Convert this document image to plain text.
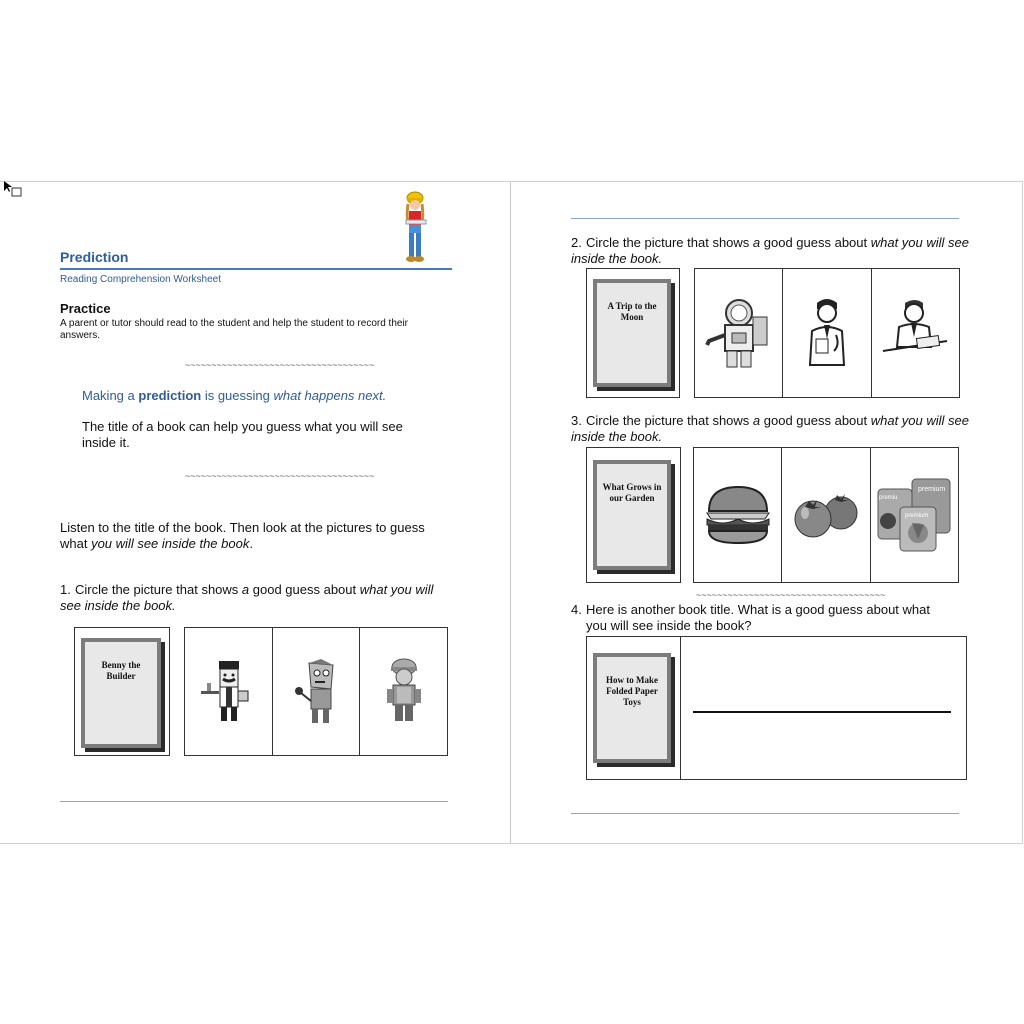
Prediction
Reading Comprehension Worksheet
Practice
A parent or tutor should read to the student and help the student to record their answers.
~~~~~~~~~~~~~~~~~~~~~~~~~~~~~~~~~~~~
Making a prediction is guessing what happens next.
The title of a book can help you guess what you will see inside it.
~~~~~~~~~~~~~~~~~~~~~~~~~~~~~~~~~~~~
Listen to the title of the book. Then look at the pictures to guess what you will see inside the book.
1. Circle the picture that shows a good guess about what you will see inside the book.
Benny the Builder
2. Circle the picture that shows a good guess about what you will see inside the book.
A Trip to the Moon
3. Circle the picture that shows a good guess about what you will see inside the book.
What Grows in our Garden
premium
premiu
premium
~~~~~~~~~~~~~~~~~~~~~~~~~~~~~~~~~~~~
4. Here is another book title. What is a good guess about what you will see inside the book?
How to Make Folded Paper Toys
